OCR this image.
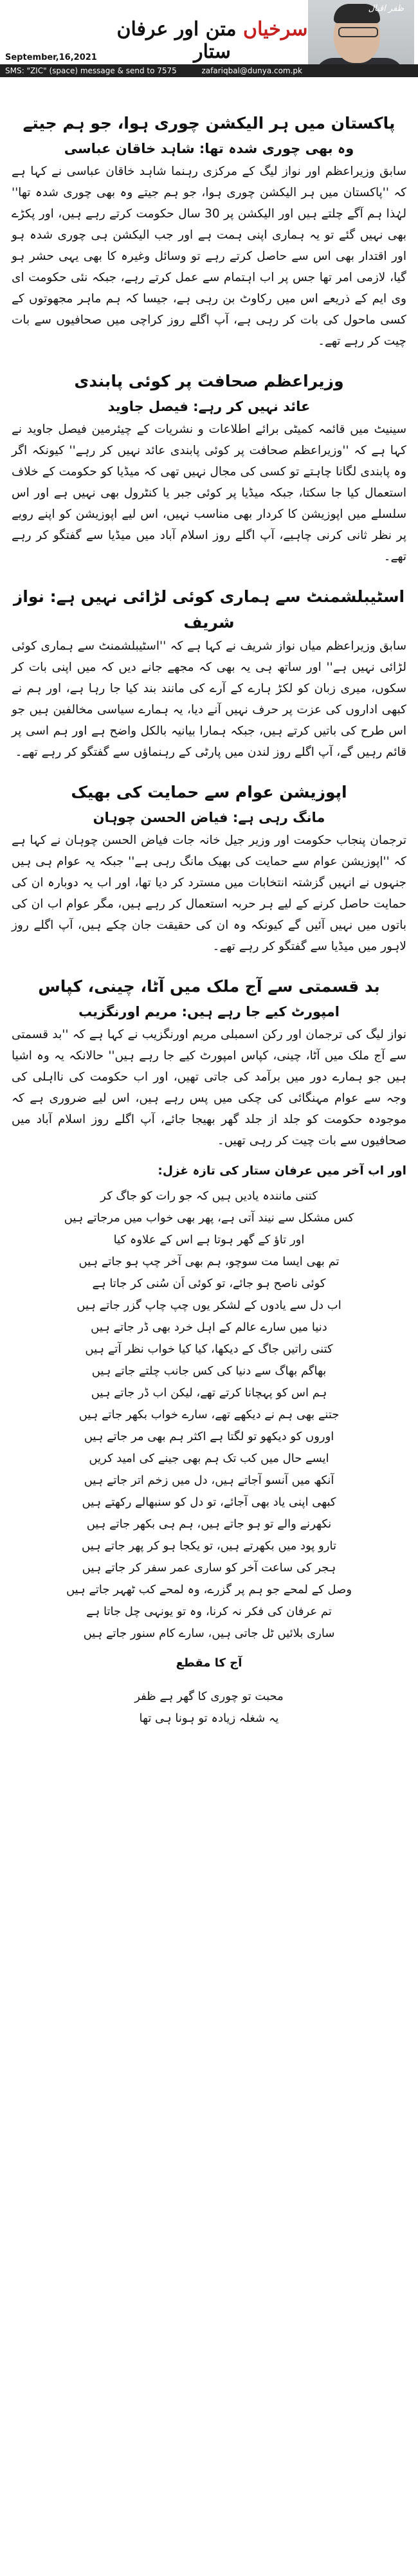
سرخیاں متن اور عرفان ستار
September,16,2021
ظفر اقبال
SMS: "ZIC" (space) message & send to 7575	zafariqbal@dunya.com.pk

پاکستان میں ہر الیکشن چوری ہوا، جو ہم جیتے

وہ بھی چوری شدہ تھا: شاہد خاقان عباسی

سابق وزیراعظم اور نواز لیگ کے مرکزی رہنما شاہد خاقان عباسی نے کہا ہے کہ ''پاکستان میں ہر الیکشن چوری ہوا، جو ہم جیتے وہ بھی چوری شدہ تھا'' لہٰذا ہم آگے چلتے ہیں اور الیکشن پر 30 سال حکومت کرتے رہے ہیں، اور پکڑے بھی نہیں گئے تو یہ ہماری اپنی ہمت ہے اور جب الیکشن ہی چوری شدہ ہو اور اقتدار بھی اس سے حاصل کرتے رہے تو وسائل وغیرہ کا بھی یہی حشر ہو گیا، لازمی امر تھا جس پر اب اہتمام سے عمل کرتے رہے، جبکہ نئی حکومت ای وی ایم کے ذریعے اس میں رکاوٹ بن رہی ہے، جیسا کہ ہم ماہر مجھوتوں کے کسی ماحول کی بات کر رہی ہے، آپ اگلے روز کراچی میں صحافیوں سے بات چیت کر رہے تھے۔

وزیراعظم صحافت پر کوئی پابندی

عائد نہیں کر رہے: فیصل جاوید

سینیٹ میں قائمہ کمیٹی برائے اطلاعات و نشریات کے چیئرمین فیصل جاوید نے کہا ہے کہ ''وزیراعظم صحافت پر کوئی پابندی عائد نہیں کر رہے'' کیونکہ اگر وہ پابندی لگانا چاہتے تو کسی کی مجال نہیں تھی کہ میڈیا کو حکومت کے خلاف استعمال کیا جا سکتا، جبکہ میڈیا پر کوئی جبر یا کنٹرول بھی نہیں ہے اور اس سلسلے میں اپوزیشن کا کردار بھی مناسب نہیں، اس لیے اپوزیشن کو اپنے رویے پر نظر ثانی کرنی چاہیے، آپ اگلے روز اسلام آباد میں میڈیا سے گفتگو کر رہے تھے۔

اسٹیبلشمنٹ سے ہماری کوئی لڑائی نہیں ہے: نواز شریف

سابق وزیراعظم میاں نواز شریف نے کہا ہے کہ ''اسٹیبلشمنٹ سے ہماری کوئی لڑائی نہیں ہے'' اور ساتھ ہی یہ بھی کہ مجھے جانے دیں کہ میں اپنی بات کر سکوں، میری زبان کو لکڑ ہارے کے آرے کی مانند بند کیا جا رہا ہے، اور ہم نے کبھی اداروں کی عزت پر حرف نہیں آنے دیا، یہ ہمارے سیاسی مخالفین ہیں جو اس طرح کی باتیں کرتے ہیں، جبکہ ہمارا بیانیہ بالکل واضح ہے اور ہم اسی پر قائم رہیں گے، آپ اگلے روز لندن میں پارٹی کے رہنماؤں سے گفتگو کر رہے تھے۔

اپوزیشن عوام سے حمایت کی بھیک

مانگ رہی ہے: فیاض الحسن چوہان

ترجمان پنجاب حکومت اور وزیر جیل خانہ جات فیاض الحسن چوہان نے کہا ہے کہ ''اپوزیشن عوام سے حمایت کی بھیک مانگ رہی ہے'' جبکہ یہ عوام ہی ہیں جنہوں نے انہیں گزشتہ انتخابات میں مسترد کر دیا تھا، اور اب یہ دوبارہ ان کی حمایت حاصل کرنے کے لیے ہر حربہ استعمال کر رہے ہیں، مگر عوام اب ان کی باتوں میں نہیں آئیں گے کیونکہ وہ ان کی حقیقت جان چکے ہیں، آپ اگلے روز لاہور میں میڈیا سے گفتگو کر رہے تھے۔

بد قسمتی سے آج ملک میں آٹا، چینی، کپاس

امپورٹ کیے جا رہے ہیں: مریم اورنگزیب

نواز لیگ کی ترجمان اور رکن اسمبلی مریم اورنگزیب نے کہا ہے کہ ''بد قسمتی سے آج ملک میں آٹا، چینی، کپاس امپورٹ کیے جا رہے ہیں'' حالانکہ یہ وہ اشیا ہیں جو ہمارے دور میں برآمد کی جاتی تھیں، اور اب حکومت کی نااہلی کی وجہ سے عوام مہنگائی کی چکی میں پس رہے ہیں، اس لیے ضروری ہے کہ موجودہ حکومت کو جلد از جلد گھر بھیجا جائے، آپ اگلے روز اسلام آباد میں صحافیوں سے بات چیت کر رہی تھیں۔

اور اب آخر میں عرفان ستار کی تازہ غزل:

کتنی مانندہ یادیں ہیں کہ جو رات کو جاگ کر
کس مشکل سے نیند آتی ہے، پھر بھی خواب میں مرجاتے ہیں
اور تاؤ کے گھر ہوتا ہے اس کے علاوہ کیا
تم بھی ایسا مت سوچو، ہم بھی آخر چپ ہو جاتے ہیں
کوئی ناصح ہو جائے، تو کوئی اَن سُنی کر جاتا ہے
اب دل سے یادوں کے لشکر یوں چپ چاپ گزر جاتے ہیں
دنیا میں سارے عالم کے اہل خرد بھی ڈر جاتے ہیں
کتنی راتیں جاگ کے دیکھا، کیا کیا خواب نظر آتے ہیں
بھاگم بھاگ سے دنیا کی کس جانب چلتے جاتے ہیں
ہم اس کو پہچانا کرتے تھے، لیکن اب ڈر جاتے ہیں
جتنے بھی ہم نے دیکھے تھے، سارے خواب بکھر جاتے ہیں
اوروں کو دیکھو تو لگتا ہے اکثر ہم بھی مر جاتے ہیں
ایسے حال میں کب تک ہم بھی جینے کی امید کریں
آنکھ میں آنسو آجاتے ہیں، دل میں زخم اتر جاتے ہیں
کبھی اپنی یاد بھی آجائے، تو دل کو سنبھالے رکھتے ہیں
نکھرنے والے تو ہو جاتے ہیں، ہم ہی بکھر جاتے ہیں
تارو پود میں بکھرتے ہیں، تو یکجا ہو کر پھر جاتے ہیں
ہجر کی ساعت آخر کو ساری عمر سفر کر جاتے ہیں
وصل کے لمحے جو ہم پر گزرے، وہ لمحے کب ٹھہر جاتے ہیں
تم عرفان کی فکر نہ کرنا، وہ تو یونہی چل جاتا ہے
ساری بلائیں ٹل جاتی ہیں، سارے کام سنور جاتے ہیں

آج کا مقطع

محبت تو چوری کا گھر ہے ظفر
یہ شغلہ زیادہ تو ہونا ہی تھا
